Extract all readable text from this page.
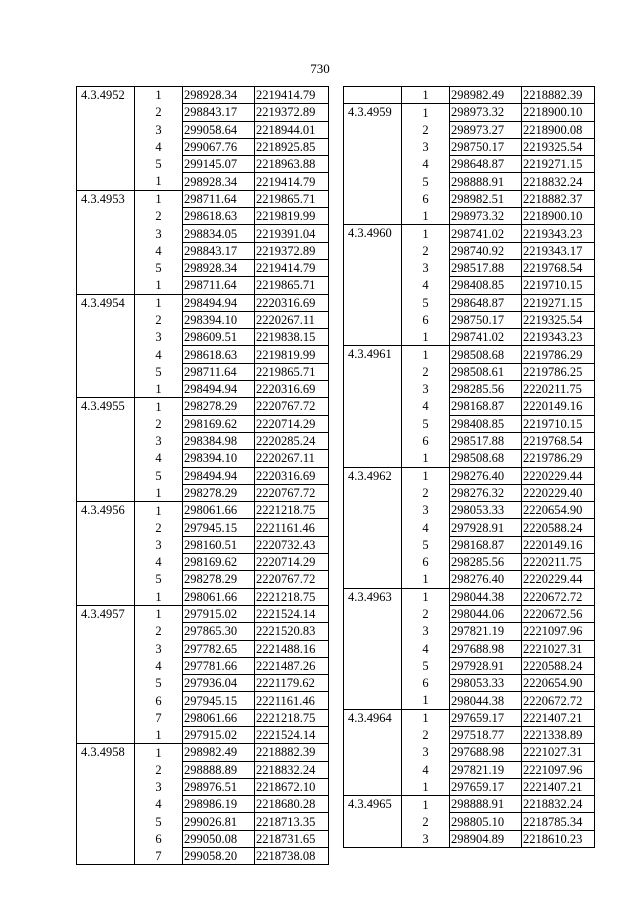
730
4.3.4952	1	298928.34	2219414.79
	2	298843.17	2219372.89
	3	299058.64	2218944.01
	4	299067.76	2218925.85
	5	299145.07	2218963.88
	1	298928.34	2219414.79
4.3.4953	1	298711.64	2219865.71
	2	298618.63	2219819.99
	3	298834.05	2219391.04
	4	298843.17	2219372.89
	5	298928.34	2219414.79
	1	298711.64	2219865.71
4.3.4954	1	298494.94	2220316.69
	2	298394.10	2220267.11
	3	298609.51	2219838.15
	4	298618.63	2219819.99
	5	298711.64	2219865.71
	1	298494.94	2220316.69
4.3.4955	1	298278.29	2220767.72
	2	298169.62	2220714.29
	3	298384.98	2220285.24
	4	298394.10	2220267.11
	5	298494.94	2220316.69
	1	298278.29	2220767.72
4.3.4956	1	298061.66	2221218.75
	2	297945.15	2221161.46
	3	298160.51	2220732.43
	4	298169.62	2220714.29
	5	298278.29	2220767.72
	1	298061.66	2221218.75
4.3.4957	1	297915.02	2221524.14
	2	297865.30	2221520.83
	3	297782.65	2221488.16
	4	297781.66	2221487.26
	5	297936.04	2221179.62
	6	297945.15	2221161.46
	7	298061.66	2221218.75
	1	297915.02	2221524.14
4.3.4958	1	298982.49	2218882.39
	2	298888.89	2218832.24
	3	298976.51	2218672.10
	4	298986.19	2218680.28
	5	299026.81	2218713.35
	6	299050.08	2218731.65
	7	299058.20	2218738.08
	1	298982.49	2218882.39
4.3.4959	1	298973.32	2218900.10
	2	298973.27	2218900.08
	3	298750.17	2219325.54
	4	298648.87	2219271.15
	5	298888.91	2218832.24
	6	298982.51	2218882.37
	1	298973.32	2218900.10
4.3.4960	1	298741.02	2219343.23
	2	298740.92	2219343.17
	3	298517.88	2219768.54
	4	298408.85	2219710.15
	5	298648.87	2219271.15
	6	298750.17	2219325.54
	1	298741.02	2219343.23
4.3.4961	1	298508.68	2219786.29
	2	298508.61	2219786.25
	3	298285.56	2220211.75
	4	298168.87	2220149.16
	5	298408.85	2219710.15
	6	298517.88	2219768.54
	1	298508.68	2219786.29
4.3.4962	1	298276.40	2220229.44
	2	298276.32	2220229.40
	3	298053.33	2220654.90
	4	297928.91	2220588.24
	5	298168.87	2220149.16
	6	298285.56	2220211.75
	1	298276.40	2220229.44
4.3.4963	1	298044.38	2220672.72
	2	298044.06	2220672.56
	3	297821.19	2221097.96
	4	297688.98	2221027.31
	5	297928.91	2220588.24
	6	298053.33	2220654.90
	1	298044.38	2220672.72
4.3.4964	1	297659.17	2221407.21
	2	297518.77	2221338.89
	3	297688.98	2221027.31
	4	297821.19	2221097.96
	1	297659.17	2221407.21
4.3.4965	1	298888.91	2218832.24
	2	298805.10	2218785.34
	3	298904.89	2218610.23
